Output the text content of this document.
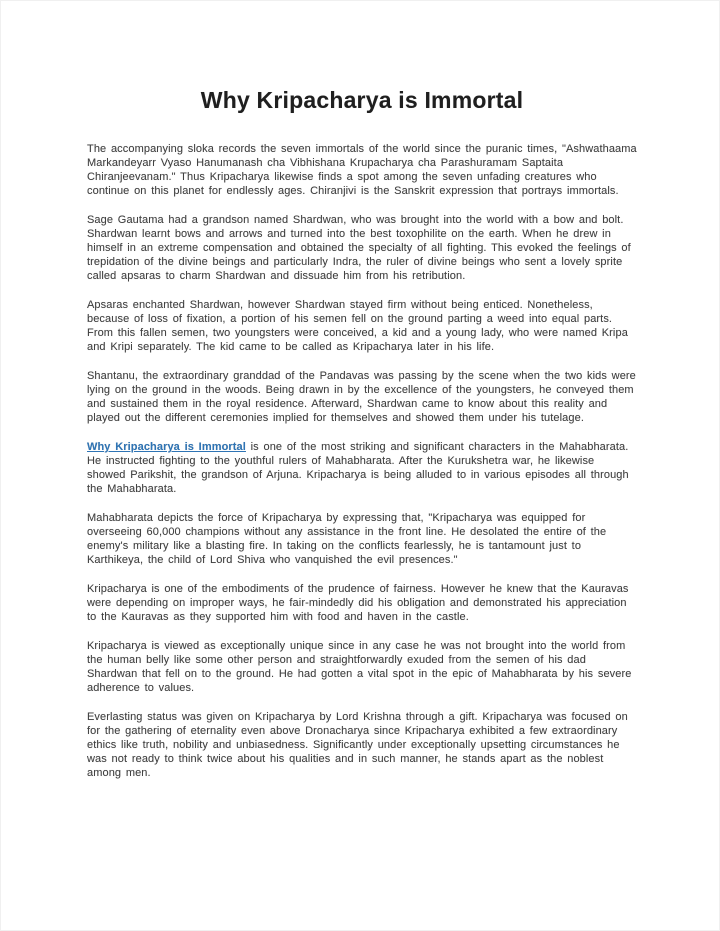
Why Kripacharya is Immortal

The accompanying sloka records the seven immortals of the world since the puranic times, "Ashwathaama Markandeyarr Vyaso Hanumanash cha Vibhishana Krupacharya cha Parashuramam Saptaita Chiranjeevanam." Thus Kripacharya likewise finds a spot among the seven unfading creatures who continue on this planet for endlessly ages. Chiranjivi is the Sanskrit expression that portrays immortals.

Sage Gautama had a grandson named Shardwan, who was brought into the world with a bow and bolt. Shardwan learnt bows and arrows and turned into the best toxophilite on the earth. When he drew in himself in an extreme compensation and obtained the specialty of all fighting. This evoked the feelings of trepidation of the divine beings and particularly Indra, the ruler of divine beings who sent a lovely sprite called apsaras to charm Shardwan and dissuade him from his retribution.

Apsaras enchanted Shardwan, however Shardwan stayed firm without being enticed. Nonetheless, because of loss of fixation, a portion of his semen fell on the ground parting a weed into equal parts. From this fallen semen, two youngsters were conceived, a kid and a young lady, who were named Kripa and Kripi separately. The kid came to be called as Kripacharya later in his life.

Shantanu, the extraordinary granddad of the Pandavas was passing by the scene when the two kids were lying on the ground in the woods. Being drawn in by the excellence of the youngsters, he conveyed them and sustained them in the royal residence. Afterward, Shardwan came to know about this reality and played out the different ceremonies implied for themselves and showed them under his tutelage.

Why Kripacharya is Immortal is one of the most striking and significant characters in the Mahabharata. He instructed fighting to the youthful rulers of Mahabharata. After the Kurukshetra war, he likewise showed Parikshit, the grandson of Arjuna. Kripacharya is being alluded to in various episodes all through the Mahabharata.

Mahabharata depicts the force of Kripacharya by expressing that, "Kripacharya was equipped for overseeing 60,000 champions without any assistance in the front line. He desolated the entire of the enemy's military like a blasting fire. In taking on the conflicts fearlessly, he is tantamount just to Karthikeya, the child of Lord Shiva who vanquished the evil presences."

Kripacharya is one of the embodiments of the prudence of fairness. However he knew that the Kauravas were depending on improper ways, he fair-mindedly did his obligation and demonstrated his appreciation to the Kauravas as they supported him with food and haven in the castle.

Kripacharya is viewed as exceptionally unique since in any case he was not brought into the world from the human belly like some other person and straightforwardly exuded from the semen of his dad Shardwan that fell on to the ground. He had gotten a vital spot in the epic of Mahabharata by his severe adherence to values.

Everlasting status was given on Kripacharya by Lord Krishna through a gift. Kripacharya was focused on for the gathering of eternality even above Dronacharya since Kripacharya exhibited a few extraordinary ethics like truth, nobility and unbiasedness. Significantly under exceptionally upsetting circumstances he was not ready to think twice about his qualities and in such manner, he stands apart as the noblest among men.
